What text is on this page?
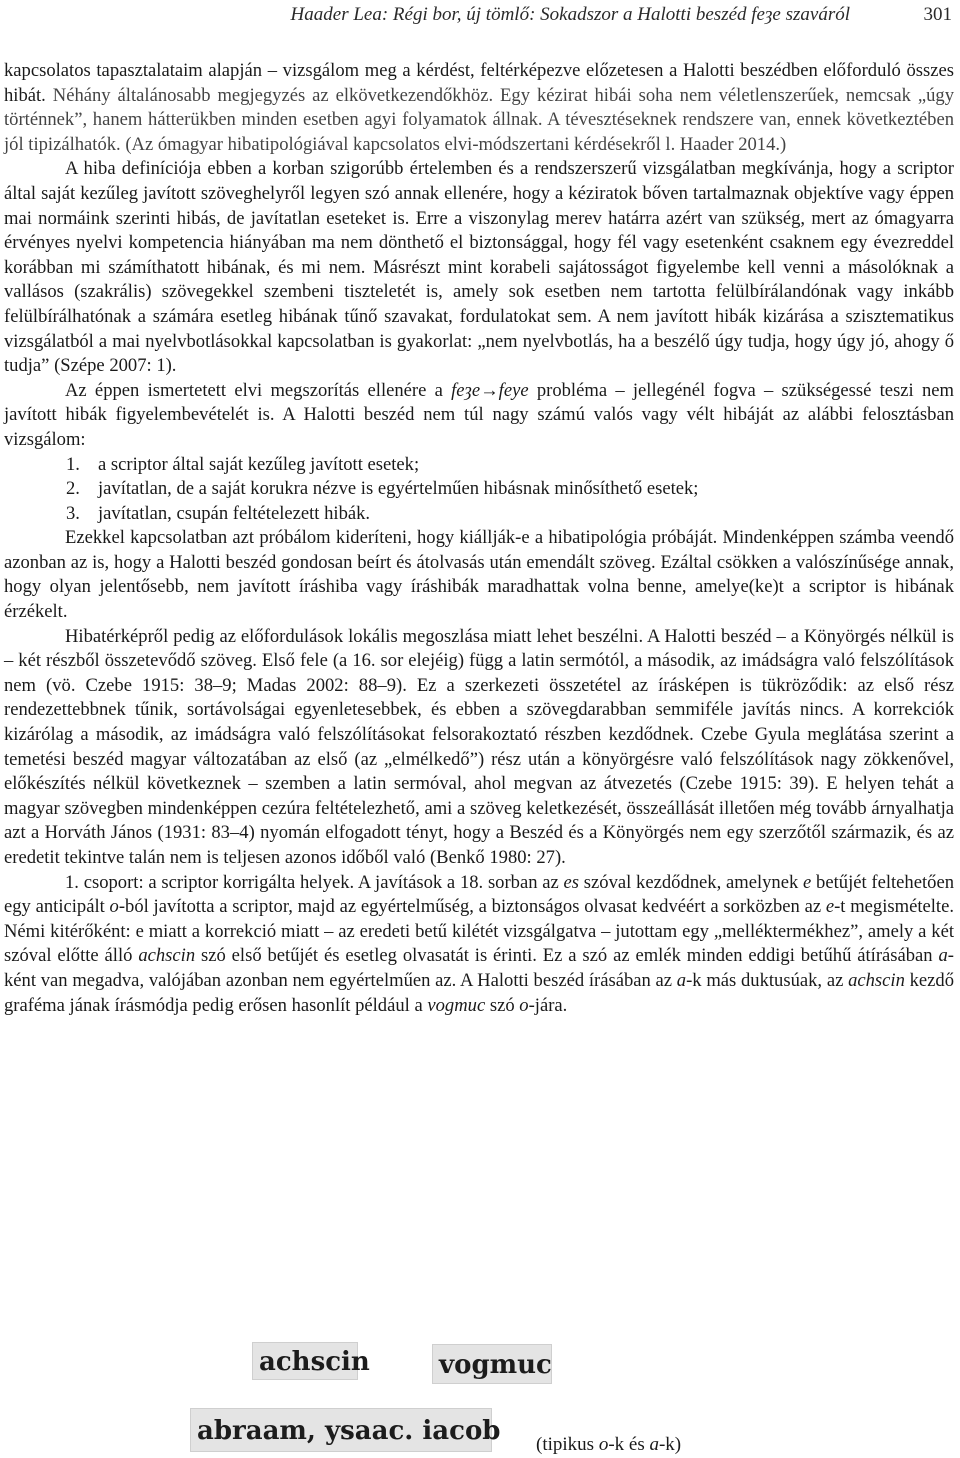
Haader Lea: Régi bor, új tömlő: Sokadszor a Halotti beszéd feȝe szaváról	301

kapcsolatos tapasztalataim alapján – vizsgálom meg a kérdést, feltérképezve előzetesen a Halotti beszédben előforduló összes hibát. Néhány általánosabb megjegyzés az elkövetkezendőkhöz. Egy kézirat hibái soha nem véletlenszerűek, nemcsak „úgy történnek”, hanem hátterükben minden esetben agyi folyamatok állnak. A tévesztéseknek rendszere van, ennek következtében jól tipizálhatók. (Az ómagyar hibatipológiával kapcsolatos elvi-módszertani kérdésekről l. Haader 2014.)

A hiba definíciója ebben a korban szigorúbb értelemben és a rendszerszerű vizsgálatban megkívánja, hogy a scriptor által saját kezűleg javított szöveghelyről legyen szó annak ellenére, hogy a kéziratok bőven tartalmaznak objektíve vagy éppen mai normáink szerinti hibás, de javítatlan eseteket is. Erre a viszonylag merev határra azért van szükség, mert az ómagyarra érvényes nyelvi kompetencia hiányában ma nem dönthető el biztonsággal, hogy fél vagy esetenként csaknem egy évezreddel korábban mi számíthatott hibának, és mi nem. Másrészt mint korabeli sajátosságot figyelembe kell venni a másolóknak a vallásos (szakrális) szövegekkel szembeni tiszteletét is, amely sok esetben nem tartotta felülbírálandónak vagy inkább felülbírálhatónak a számára esetleg hibának tűnő szavakat, fordulatokat sem. A nem javított hibák kizárása a szisztematikus vizsgálatból a mai nyelvbotlásokkal kapcsolatban is gyakorlat: „nem nyelvbotlás, ha a beszélő úgy tudja, hogy úgy jó, ahogy ő tudja” (Szépe 2007: 1).

Az éppen ismertetett elvi megszorítás ellenére a feȝe→feye probléma – jellegénél fogva – szükségessé teszi nem javított hibák figyelembevételét is. A Halotti beszéd nem túl nagy számú valós vagy vélt hibáját az alábbi felosztásban vizsgálom:

1. a scriptor által saját kezűleg javított esetek;
2. javítatlan, de a saját korukra nézve is egyértelműen hibásnak minősíthető esetek;
3. javítatlan, csupán feltételezett hibák.

Ezekkel kapcsolatban azt próbálom kideríteni, hogy kiállják-e a hibatipológia próbáját. Mindenképpen számba veendő azonban az is, hogy a Halotti beszéd gondosan beírt és átolvasás után emendált szöveg. Ezáltal csökken a valószínűsége annak, hogy olyan jelentősebb, nem javított íráshiba vagy íráshibák maradhattak volna benne, amelye(ke)t a scriptor is hibának érzékelt.

Hibatérképről pedig az előfordulások lokális megoszlása miatt lehet beszélni. A Halotti beszéd – a Könyörgés nélkül is – két részből összetevődő szöveg. Első fele (a 16. sor elejéig) függ a latin sermótól, a második, az imádságra való felszólítások nem (vö. Czebe 1915: 38–9; Madas 2002: 88–9). Ez a szerkezeti összetétel az írásképen is tükröződik: az első rész rendezettebbnek tűnik, sortávolságai egyenletesebbek, és ebben a szövegdarabban semmiféle javítás nincs. A korrekciók kizárólag a második, az imádságra való felszólításokat felsorakoztató részben kezdődnek. Czebe Gyula meglátása szerint a temetési beszéd magyar változatában az első (az „elmélkedő”) rész után a könyörgésre való felszólítások nagy zökkenővel, előkészítés nélkül következnek – szemben a latin sermóval, ahol megvan az átvezetés (Czebe 1915: 39). E helyen tehát a magyar szövegben mindenképpen cezúra feltételezhető, ami a szöveg keletkezését, összeállását illetően még tovább árnyalhatja azt a Horváth János (1931: 83–4) nyomán elfogadott tényt, hogy a Beszéd és a Könyörgés nem egy szerzőtől származik, és az eredetit tekintve talán nem is teljesen azonos időből való (Benkő 1980: 27).

1. csoport: a scriptor korrigálta helyek. A javítások a 18. sorban az es szóval kezdődnek, amelynek e betűjét feltehetően egy anticipált o-ból javította a scriptor, majd az egyértelműség, a biztonságos olvasat kedvéért a sorközben az e-t megismételte. Némi kitérőként: e miatt a korrekció miatt – az eredeti betű kilétét vizsgálgatva – jutottam egy „melléktermékhez”, amely a két szóval előtte álló achscin szó első betűjét és esetleg olvasatát is érinti. Ez a szó az emlék minden eddigi betűhű átírásában a-ként van megadva, valójában azonban nem egyértelműen az. A Halotti beszéd írásában az a-k más duktusúak, az achscin kezdő graféma jának írásmódja pedig erősen hasonlít például a vogmuc szó o-jára.

achscin	vogmuc
abraam, ysaac. iacob (tipikus o-k és a-k)
